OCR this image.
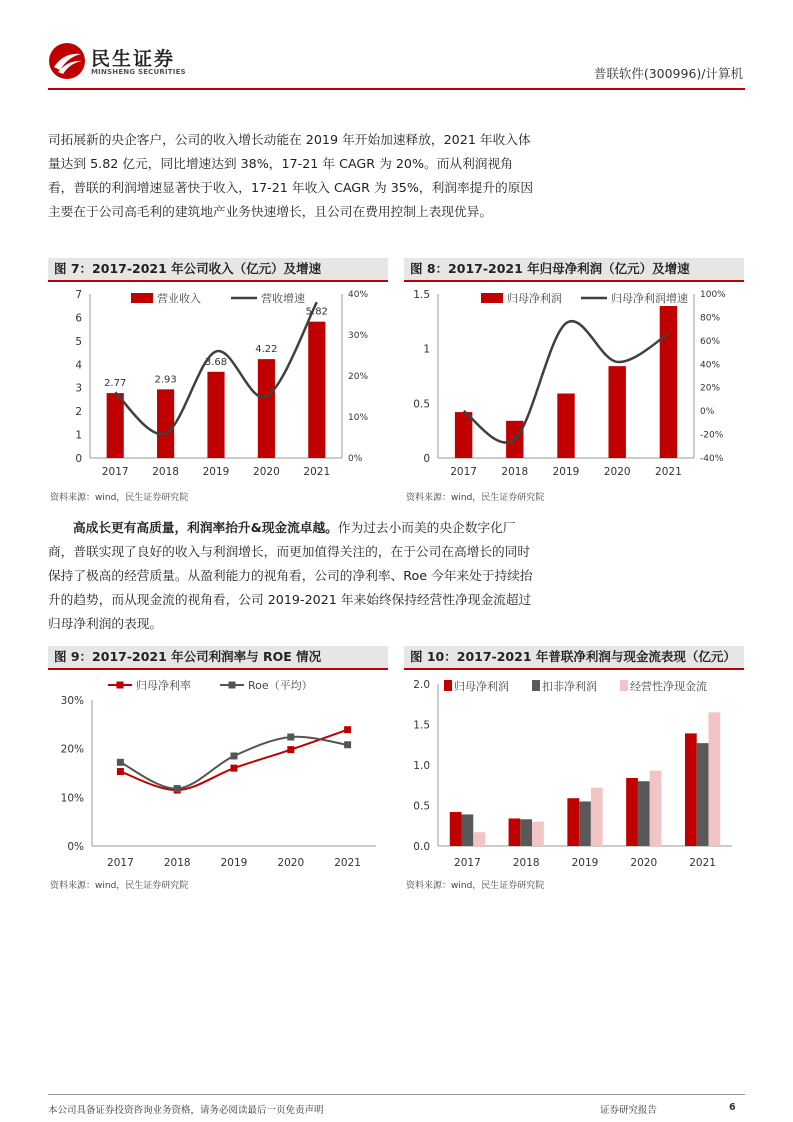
民生证券
MINSHENG SECURITIES	普联软件(300996)/计算机

司拓展新的央企客户，公司的收入增长动能在 2019 年开始加速释放，2021 年收入体量达到 5.82 亿元，同比增速达到 38%，17-21 年 CAGR 为 20%。而从利润视角看，普联的利润增速显著快于收入，17-21 年收入 CAGR 为 35%，利润率提升的原因主要在于公司高毛利的建筑地产业务快速增长，且公司在费用控制上表现优异。

图 7：2017-2021 年公司收入（亿元）及增速
0
1
2
3
4
5
6
7
0%
10%
20%
30%
40%
2017
2.77
2018
2.93
2019
3.68
2020
4.22
2021
5.82
营业收入	营收增速
资料来源：wind，民生证券研究院
图 8：2017-2021 年归母净利润（亿元）及增速
0
0.5
1
1.5
-40%
-20%
0%
20%
40%
60%
80%
100%
2017 2018 2019 2020 2021
归母净利润	归母净利润增速
资料来源：wind，民生证券研究院

高成长更有高质量，利润率抬升&现金流卓越。作为过去小而美的央企数字化厂商，普联实现了良好的收入与利润增长，而更加值得关注的，在于公司在高增长的同时保持了极高的经营质量。从盈利能力的视角看，公司的净利率、Roe 今年来处于持续抬升的趋势，而从现金流的视角看，公司 2019-2021 年来始终保持经营性净现金流超过归母净利润的表现。

图 9：2017-2021 年公司利润率与 ROE 情况
0%
10%
20%
30%
2017	2018	2019	2020	2021
归母净利率	Roe（平均）
资料来源：wind，民生证券研究院
图 10：2017-2021 年普联净利润与现金流表现（亿元）
0.0
0.5
1.0
1.5
2.0
2017	2018	2019	2020	2021
归母净利润	扣非净利润	经营性净现金流
资料来源：wind，民生证券研究院
本公司具备证券投资咨询业务资格，请务必阅读最后一页免责声明	证券研究报告	6
